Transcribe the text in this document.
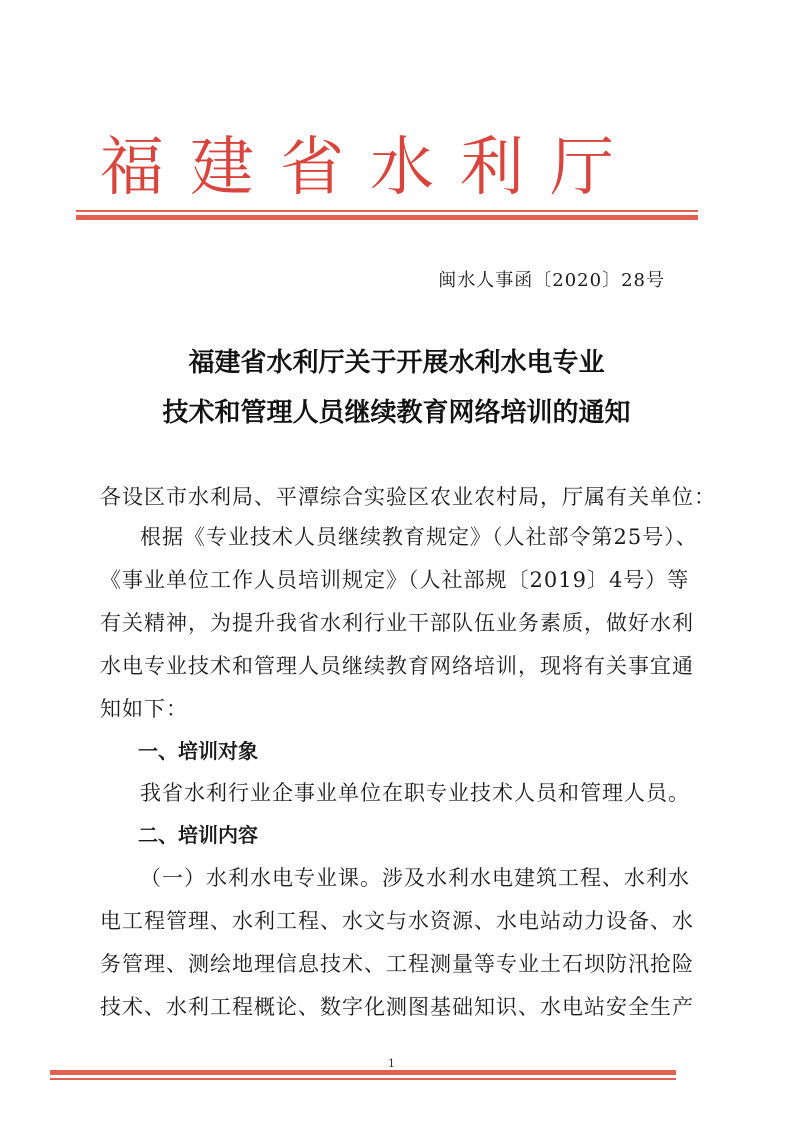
福建省水利厅
闽水人事函〔2020〕28号
福建省水利厅关于开展水利水电专业
技术和管理人员继续教育网络培训的通知
各设区市水利局、平潭综合实验区农业农村局，厅属有关单位：
根据《专业技术人员继续教育规定》（人社部令第25号）、
《事业单位工作人员培训规定》（人社部规〔2019〕4号）等
有关精神，为提升我省水利行业干部队伍业务素质，做好水利
水电专业技术和管理人员继续教育网络培训，现将有关事宜通
知如下：
一、培训对象
我省水利行业企事业单位在职专业技术人员和管理人员。
二、培训内容
（一）水利水电专业课。涉及水利水电建筑工程、水利水
电工程管理、水利工程、水文与水资源、水电站动力设备、水
务管理、测绘地理信息技术、工程测量等专业土石坝防汛抢险
技术、水利工程概论、数字化测图基础知识、水电站安全生产
1
